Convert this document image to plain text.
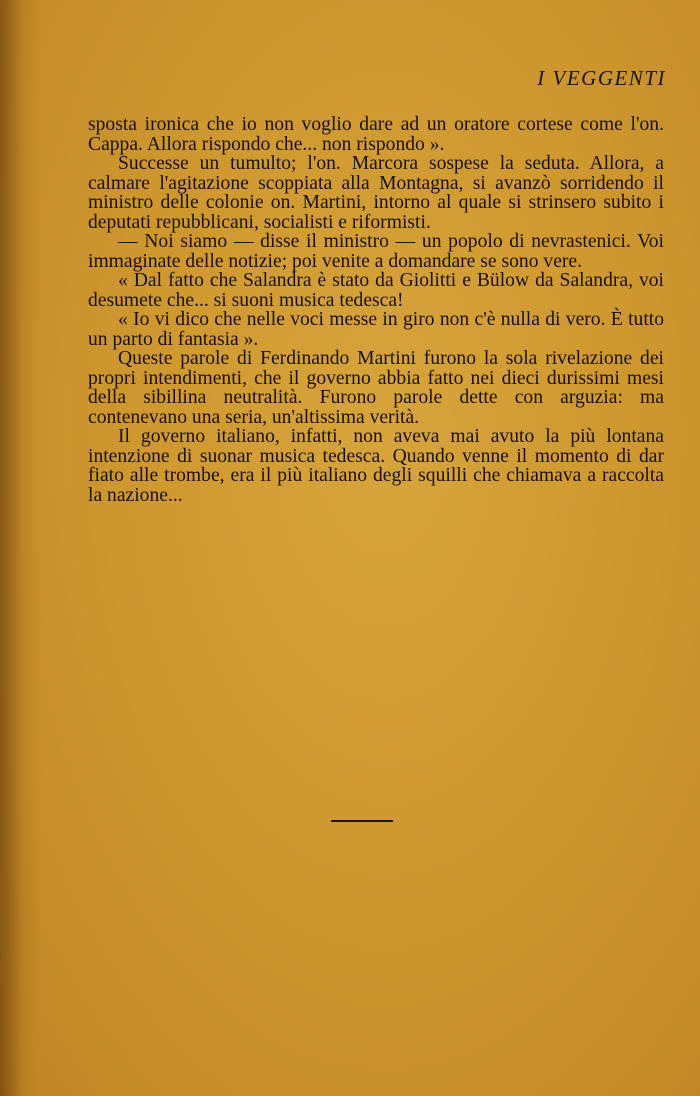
I VEGGENTI

sposta ironica che io non voglio dare ad un oratore cortese come l'on. Cappa. Allora rispondo che... non rispondo ».

Successe un tumulto; l'on. Marcora sospese la seduta. Allora, a calmare l'agitazione scoppiata alla Montagna, si avanzò sorridendo il ministro delle colonie on. Martini, intorno al quale si strinsero subito i deputati repubblicani, socialisti e riformisti.

— Noi siamo — disse il ministro — un popolo di nevrastenici. Voi immaginate delle notizie; poi venite a domandare se sono vere.

« Dal fatto che Salandra è stato da Giolitti e Bülow da Salandra, voi desumete che... si suoni musica tedesca!

« Io vi dico che nelle voci messe in giro non c'è nulla di vero. È tutto un parto di fantasia ».

Queste parole di Ferdinando Martini furono la sola rivelazione dei propri intendimenti, che il governo abbia fatto nei dieci durissimi mesi della sibillina neutralità. Furono parole dette con arguzia: ma contenevano una seria, un'altissima verità.

Il governo italiano, infatti, non aveva mai avuto la più lontana intenzione di suonar musica tedesca. Quando venne il momento di dar fiato alle trombe, era il più italiano degli squilli che chiamava a raccolta la nazione...
